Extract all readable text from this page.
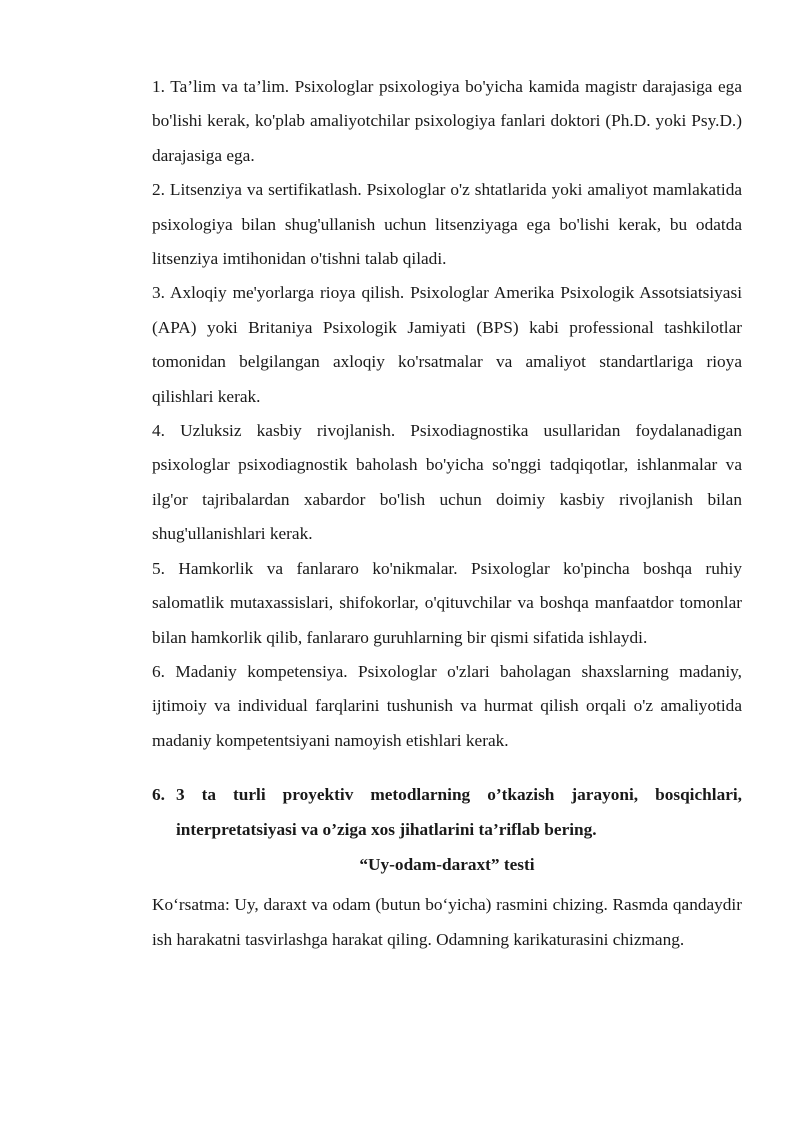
1. Ta’lim va ta’lim. Psixologlar psixologiya bo'yicha kamida magistr darajasiga ega bo'lishi kerak, ko'plab amaliyotchilar psixologiya fanlari doktori (Ph.D. yoki Psy.D.) darajasiga ega.

2. Litsenziya va sertifikatlash. Psixologlar o'z shtatlarida yoki amaliyot mamlakatida psixologiya bilan shug'ullanish uchun litsenziyaga ega bo'lishi kerak, bu odatda litsenziya imtihonidan o'tishni talab qiladi.

3. Axloqiy me'yorlarga rioya qilish. Psixologlar Amerika Psixologik Assotsiatsiyasi (APA) yoki Britaniya Psixologik Jamiyati (BPS) kabi professional tashkilotlar tomonidan belgilangan axloqiy ko'rsatmalar va amaliyot standartlariga rioya qilishlari kerak.

4. Uzluksiz kasbiy rivojlanish. Psixodiagnostika usullaridan foydalanadigan psixologlar psixodiagnostik baholash bo'yicha so'nggi tadqiqotlar, ishlanmalar va ilg'or tajribalardan xabardor bo'lish uchun doimiy kasbiy rivojlanish bilan shug'ullanishlari kerak.

5. Hamkorlik va fanlararo ko'nikmalar. Psixologlar ko'pincha boshqa ruhiy salomatlik mutaxassislari, shifokorlar, o'qituvchilar va boshqa manfaatdor tomonlar bilan hamkorlik qilib, fanlararo guruhlarning bir qismi sifatida ishlaydi.

6. Madaniy kompetensiya. Psixologlar o'zlari baholagan shaxslarning madaniy, ijtimoiy va individual farqlarini tushunish va hurmat qilish orqali o'z amaliyotida madaniy kompetentsiyani namoyish etishlari kerak.

6. 3 ta turli proyektiv metodlarning o’tkazish jarayoni, bosqichlari, interpretatsiyasi va o’ziga xos jihatlarini ta’riflab bering.
“Uy-odam-daraxt” testi

Ko‘rsatma: Uy, daraxt va odam (butun bo‘yicha) rasmini chizing. Rasmda qandaydir ish harakatni tasvirlashga harakat qiling. Odamning karikaturasini chizmang.
